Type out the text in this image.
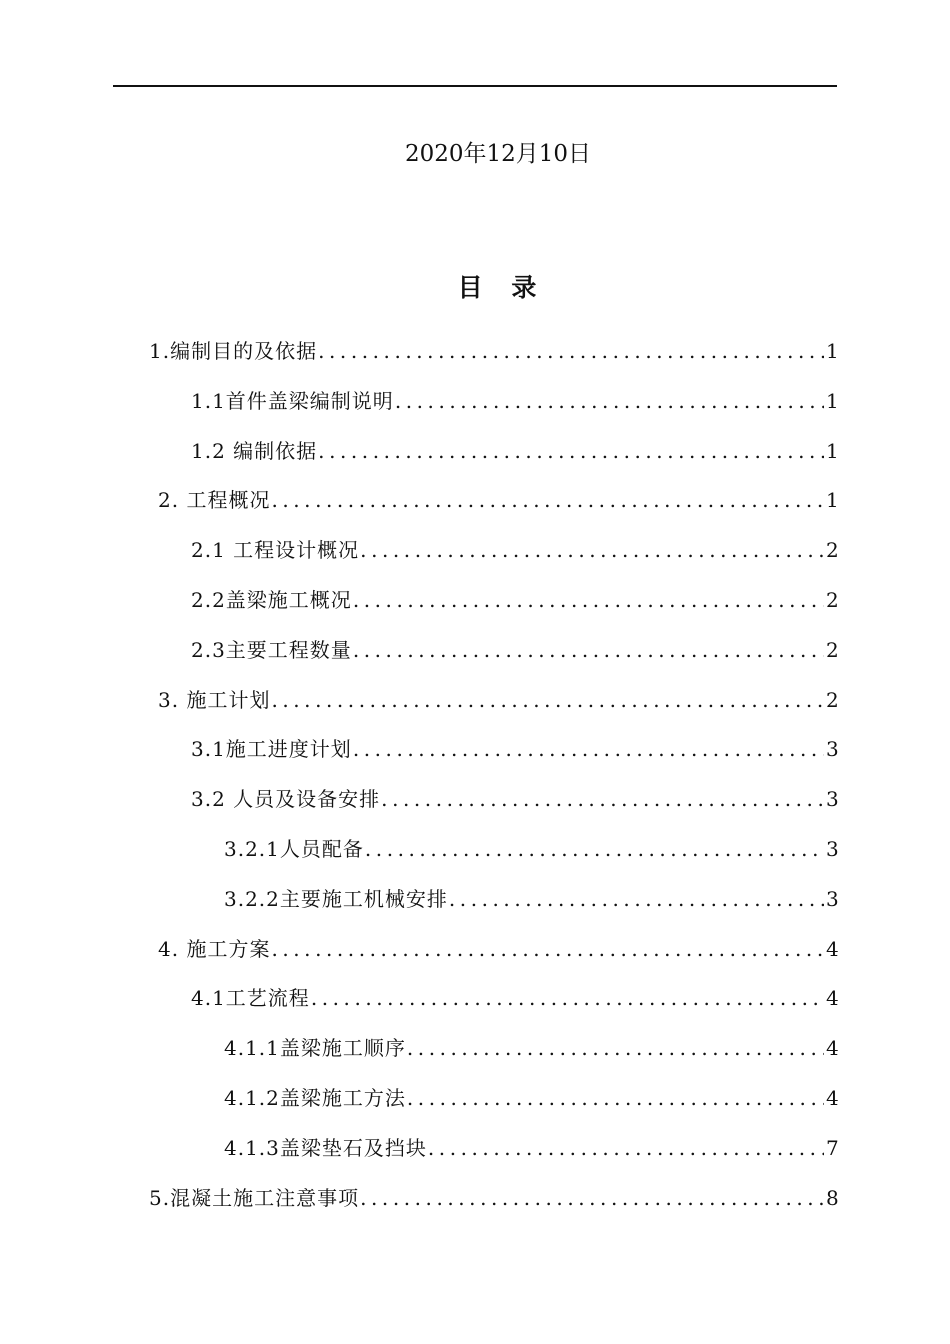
2020年12月10日
目 录
1.编制目的及依据 .....	1
1.1首件盖梁编制说明 .....	1
1.2 编制依据 .....	1
2. 工程概况 .....	1
2.1 工程设计概况 .....	2
2.2盖梁施工概况 .....	2
2.3主要工程数量 .....	2
3. 施工计划 .....	2
3.1施工进度计划 .....	3
3.2 人员及设备安排 .....	3
3.2.1人员配备 .....	3
3.2.2主要施工机械安排 .....	3
4. 施工方案 .....	4
4.1工艺流程 .....	4
4.1.1盖梁施工顺序 .....	4
4.1.2盖梁施工方法 .....	4
4.1.3盖梁垫石及挡块 .....	7
5.混凝土施工注意事项 .....	8
